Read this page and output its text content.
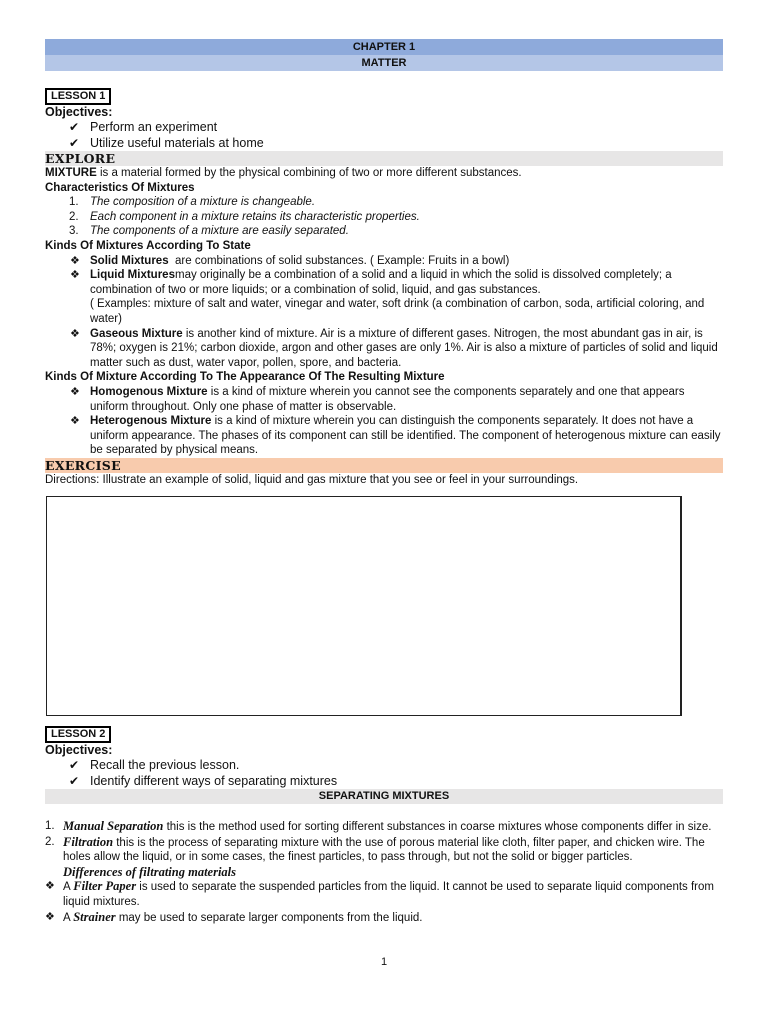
CHAPTER 1
MATTER
LESSON 1
Objectives:
✔ Perform an experiment
✔ Utilize useful materials at home
EXPLORE
MIXTURE is a material formed by the physical combining of two or more different substances.
Characteristics Of Mixtures
1. The composition of a mixture is changeable.
2. Each component in a mixture retains its characteristic properties.
3. The components of a mixture are easily separated.
Kinds Of Mixtures According To State
❖ Solid Mixtures  are combinations of solid substances. ( Example: Fruits in a bowl)
❖ Liquid Mixturesmay originally be a combination of a solid and a liquid in which the solid is dissolved completely; a combination of two or more liquids; or a combination of solid, liquid, and gas substances.
( Examples: mixture of salt and water, vinegar and water, soft drink (a combination of carbon, soda, artificial coloring, and water)
❖ Gaseous Mixture is another kind of mixture. Air is a mixture of different gases. Nitrogen, the most abundant gas in air, is 78%; oxygen is 21%; carbon dioxide, argon and other gases are only 1%. Air is also a mixture of particles of solid and liquid matter such as dust, water vapor, pollen, spore, and bacteria.
Kinds Of Mixture According To The Appearance Of The Resulting Mixture
❖ Homogenous Mixture is a kind of mixture wherein you cannot see the components separately and one that appears uniform throughout. Only one phase of matter is observable.
❖ Heterogenous Mixture is a kind of mixture wherein you can distinguish the components separately. It does not have a uniform appearance. The phases of its component can still be identified. The component of heterogenous mixture can easily be separated by physical means.
EXERCISE
Directions: Illustrate an example of solid, liquid and gas mixture that you see or feel in your surroundings.
LESSON 2
Objectives:
✔ Recall the previous lesson.
✔ Identify different ways of separating mixtures
SEPARATING MIXTURES
1. Manual Separation this is the method used for sorting different substances in coarse mixtures whose components differ in size.
2. Filtration this is the process of separating mixture with the use of porous material like cloth, filter paper, and chicken wire. The holes allow the liquid, or in some cases, the finest particles, to pass through, but not the solid or bigger particles.
Differences of filtrating materials
❖ A Filter Paper is used to separate the suspended particles from the liquid. It cannot be used to separate liquid components from liquid mixtures.
❖ A Strainer may be used to separate larger components from the liquid.
1
